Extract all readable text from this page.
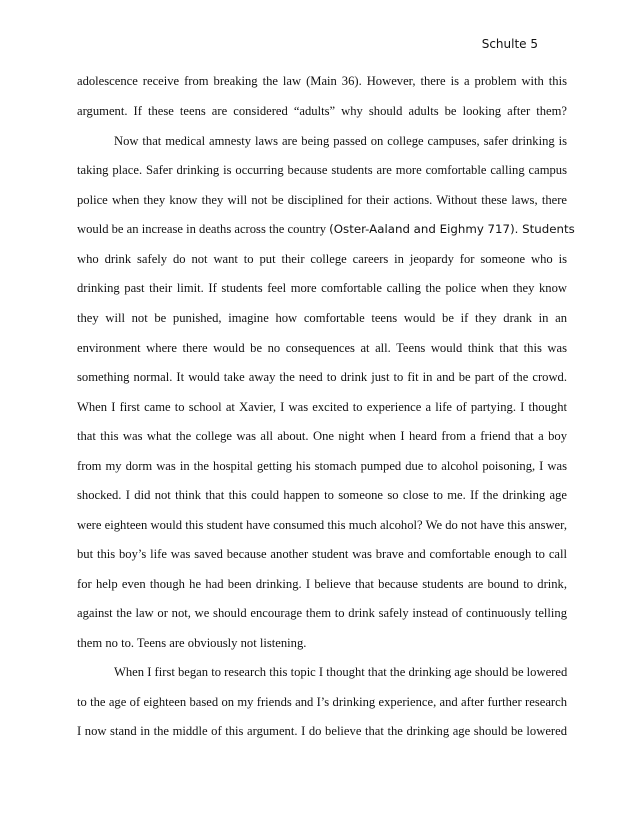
Schulte 5
adolescence receive from breaking the law (Main 36). However, there is a problem with this
argument. If these teens are considered “adults” why should adults be looking after them?
Now that medical amnesty laws are being passed on college campuses, safer drinking is
taking place. Safer drinking is occurring because students are more comfortable calling campus
police when they know they will not be disciplined for their actions. Without these laws, there
would be an increase in deaths across the country (Oster-Aaland and Eighmy 717). Students
who drink safely do not want to put their college careers in jeopardy for someone who is
drinking past their limit. If students feel more comfortable calling the police when they know
they will not be punished, imagine how comfortable teens would be if they drank in an
environment where there would be no consequences at all. Teens would think that this was
something normal. It would take away the need to drink just to fit in and be part of the crowd.
When I first came to school at Xavier, I was excited to experience a life of partying. I thought
that this was what the college was all about. One night when I heard from a friend that a boy
from my dorm was in the hospital getting his stomach pumped due to alcohol poisoning, I was
shocked. I did not think that this could happen to someone so close to me. If the drinking age
were eighteen would this student have consumed this much alcohol? We do not have this answer,
but this boy’s life was saved because another student was brave and comfortable enough to call
for help even though he had been drinking. I believe that because students are bound to drink,
against the law or not, we should encourage them to drink safely instead of continuously telling
them no to. Teens are obviously not listening.
When I first began to research this topic I thought that the drinking age should be lowered
to the age of eighteen based on my friends and I’s drinking experience, and after further research
I now stand in the middle of this argument. I do believe that the drinking age should be lowered
